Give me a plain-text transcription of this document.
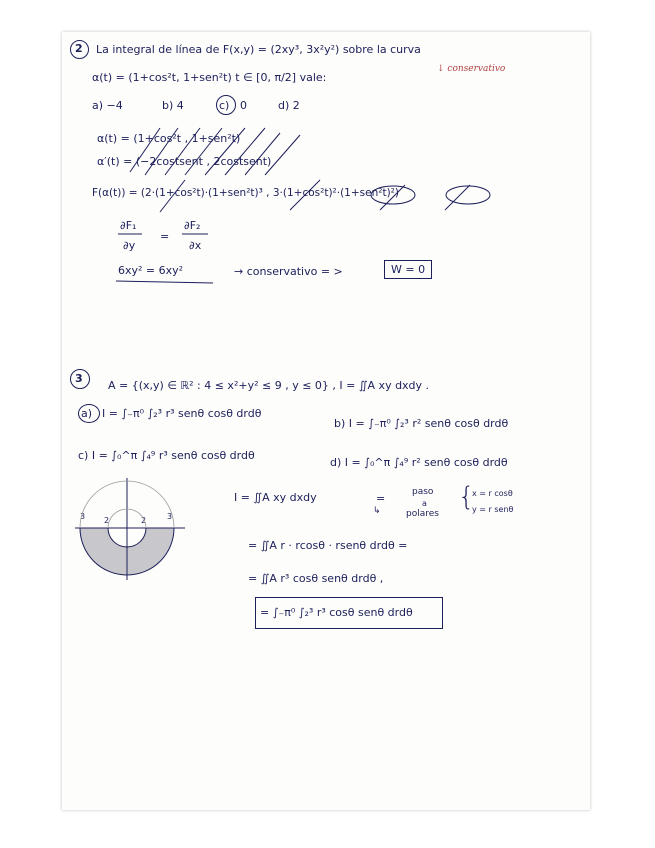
2 La integral de línea de F(x,y) = (2xy³, 3x²y²) sobre la curva
α(t) = (1+cos²t, 1+sen²t) t ∈ [0, π/2] vale:
↓ conservativo
a) −4	b) 4	c) 0	d) 2
α(t) = (1+cos²t , 1+sen²t)
α′(t) = (−2costsent , 2costsent)
F(α(t)) = (2·(1+cos²t)·(1+sen²t)³ , 3·(1+cos²t)²·(1+sen²t)²)
∂F₁
∂y
=
∂F₂
∂x
6xy² = 6xy²	→ conservativo = >	W = 0
3
A = {(x,y) ∈ ℝ² : 4 ≤ x²+y² ≤ 9 , y ≤ 0} , I = ∬A xy dxdy .
a) I = ∫₋π⁰ ∫₂³ r³ senθ cosθ drdθ
b) I = ∫₋π⁰ ∫₂³ r² senθ cosθ drdθ
c) I = ∫₀^π ∫₄⁹ r³ senθ cosθ drdθ
d) I = ∫₀^π ∫₄⁹ r² senθ cosθ drdθ
3 2	2	3
I = ∬A xy dxdy	=
↳
paso
a
polares
{
x = r cosθ
y = r senθ
= ∬A r · rcosθ · rsenθ drdθ =
= ∬A r³ cosθ senθ drdθ ,
= ∫₋π⁰ ∫₂³ r³ cosθ senθ drdθ
